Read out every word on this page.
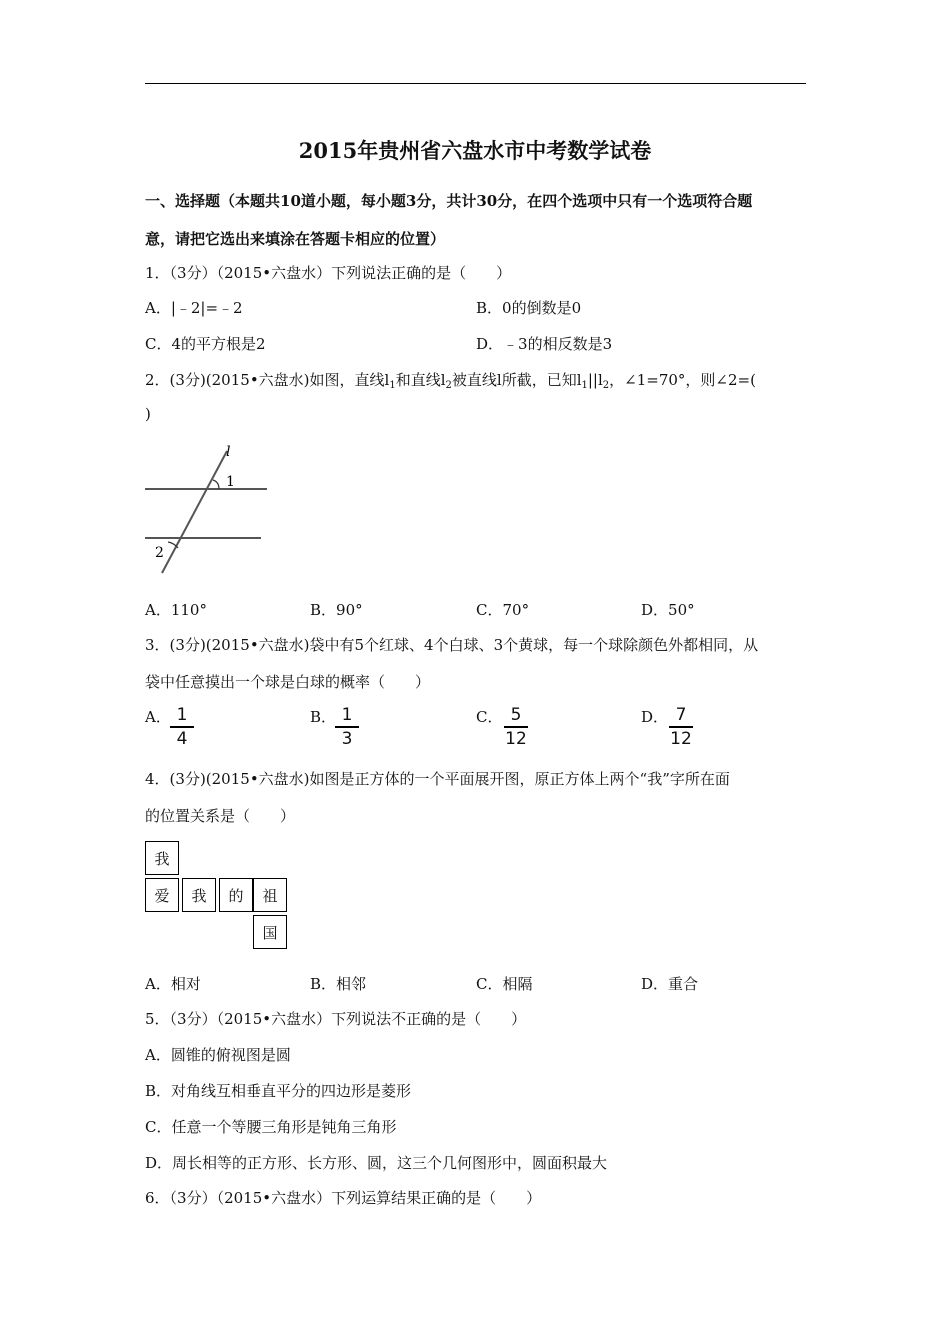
2015年贵州省六盘水市中考数学试卷
一、选择题（本题共10道小题，每小题3分，共计30分，在四个选项中只有一个选项符合题
意，请把它选出来填涂在答题卡相应的位置）
1．（3分）（2015•六盘水）下列说法正确的是（　　）
A．|﹣2|=﹣2	B．0的倒数是0
C．4的平方根是2	D．﹣3的相反数是3
2．(3分)(2015•六盘水)如图，直线$l_1$和直线$l_2$被直线l所截，已知$l_1||l_2$，∠1=70°，则∠2=(
)
l
1
2
A．110°	B．90°	C．70°	D．50°
3．(3分)(2015•六盘水)袋中有5个红球、4个白球、3个黄球，每一个球除颜色外都相同，从
袋中任意摸出一个球是白球的概率（　　）
A． 1
4
B． 1
3
C． 5
12
D． 7
12
4．(3分)(2015•六盘水)如图是正方体的一个平面展开图，原正方体上两个“我”字所在面
的位置关系是（　　）
我
爱	我	的	祖
国
A．相对	B．相邻	C．相隔	D．重合
5．（3分）（2015•六盘水）下列说法不正确的是（　　）
A．圆锥的俯视图是圆
B．对角线互相垂直平分的四边形是菱形
C．任意一个等腰三角形是钝角三角形
D．周长相等的正方形、长方形、圆，这三个几何图形中，圆面积最大
6．（3分）（2015•六盘水）下列运算结果正确的是（　　）
